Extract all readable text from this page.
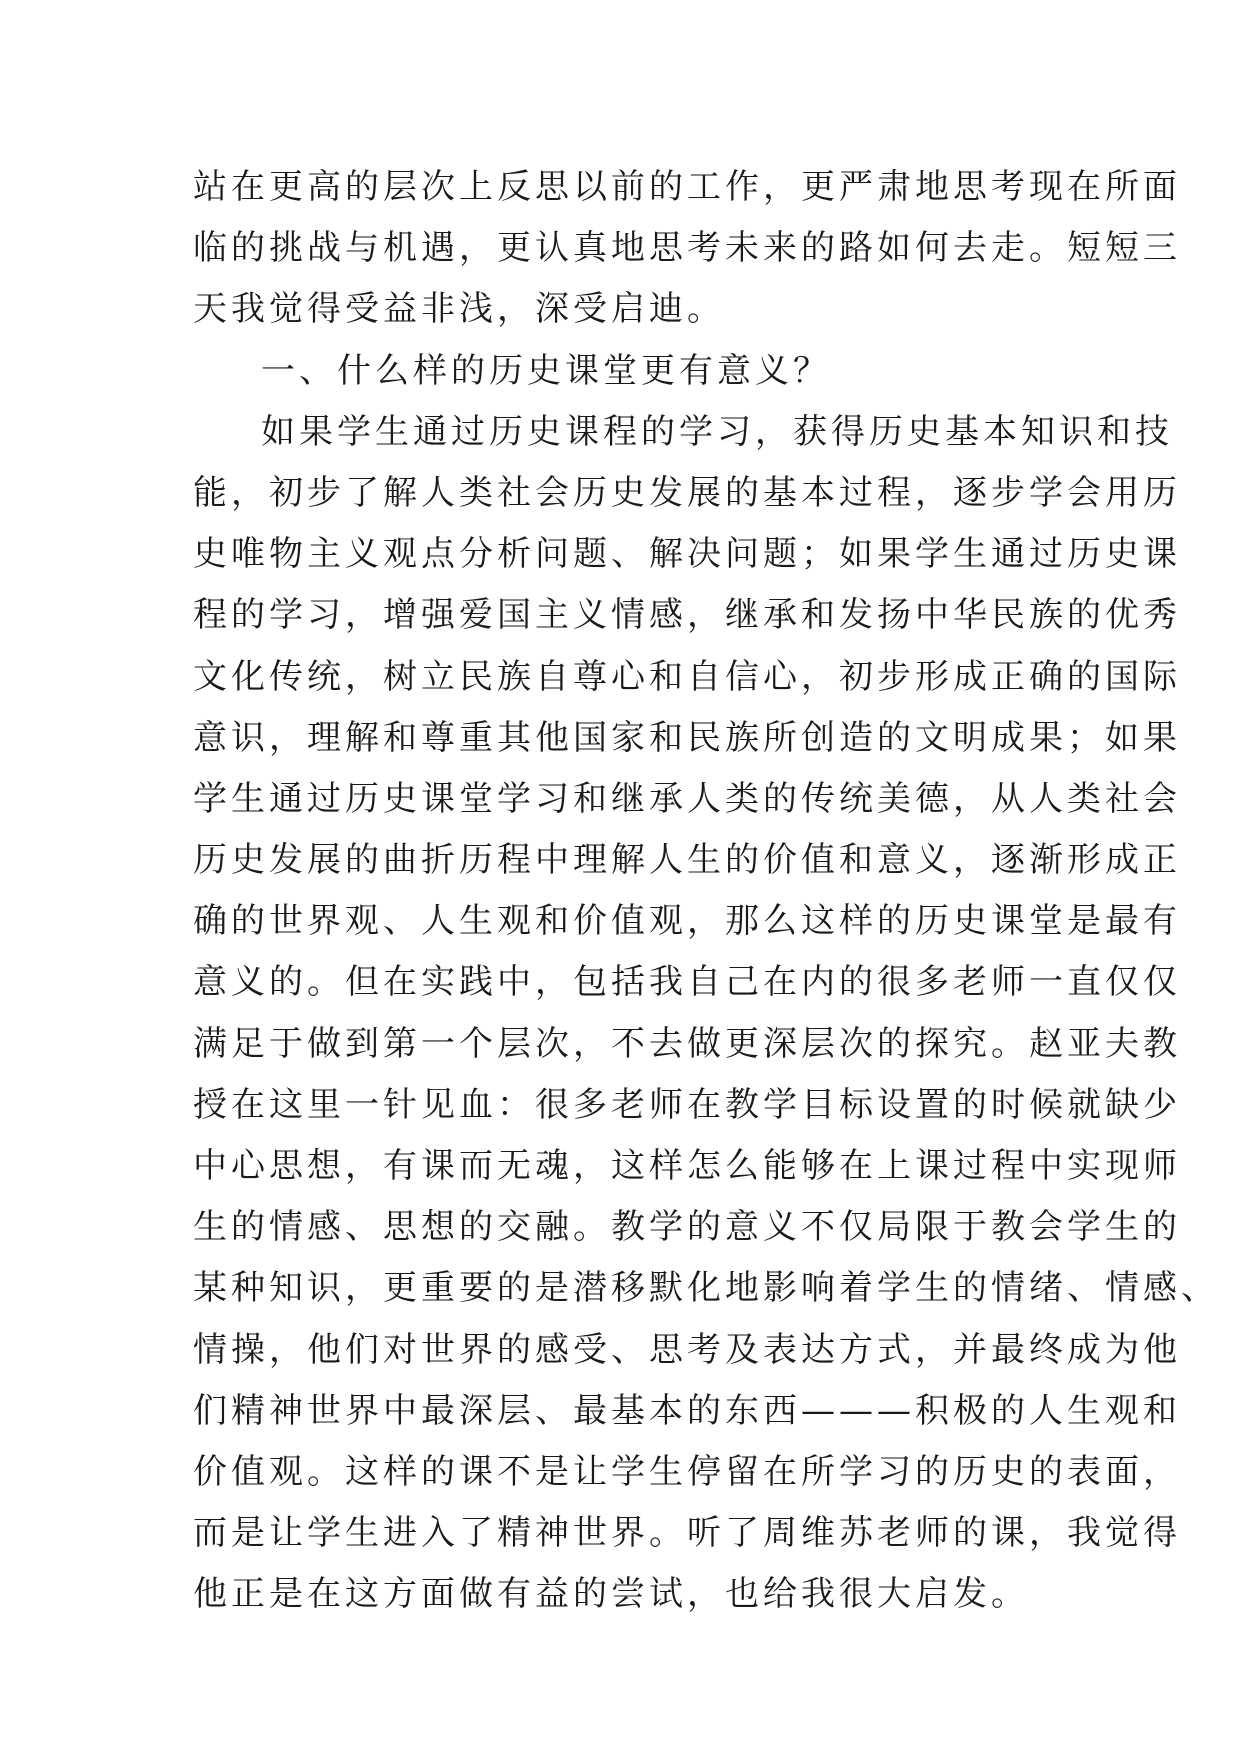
站在更高的层次上反思以前的工作，更严肃地思考现在所面
临的挑战与机遇，更认真地思考未来的路如何去走。短短三
天我觉得受益非浅，深受启迪。
一、什么样的历史课堂更有意义？
如果学生通过历史课程的学习，获得历史基本知识和技
能，初步了解人类社会历史发展的基本过程，逐步学会用历
史唯物主义观点分析问题、解决问题；如果学生通过历史课
程的学习，增强爱国主义情感，继承和发扬中华民族的优秀
文化传统，树立民族自尊心和自信心，初步形成正确的国际
意识，理解和尊重其他国家和民族所创造的文明成果；如果
学生通过历史课堂学习和继承人类的传统美德，从人类社会
历史发展的曲折历程中理解人生的价值和意义，逐渐形成正
确的世界观、人生观和价值观，那么这样的历史课堂是最有
意义的。但在实践中，包括我自己在内的很多老师一直仅仅
满足于做到第一个层次，不去做更深层次的探究。赵亚夫教
授在这里一针见血：很多老师在教学目标设置的时候就缺少
中心思想，有课而无魂，这样怎么能够在上课过程中实现师
生的情感、思想的交融。教学的意义不仅局限于教会学生的
某种知识，更重要的是潜移默化地影响着学生的情绪、情感、
情操，他们对世界的感受、思考及表达方式，并最终成为他
们精神世界中最深层、最基本的东西———积极的人生观和
价值观。这样的课不是让学生停留在所学习的历史的表面，
而是让学生进入了精神世界。听了周维苏老师的课，我觉得
他正是在这方面做有益的尝试，也给我很大启发。
